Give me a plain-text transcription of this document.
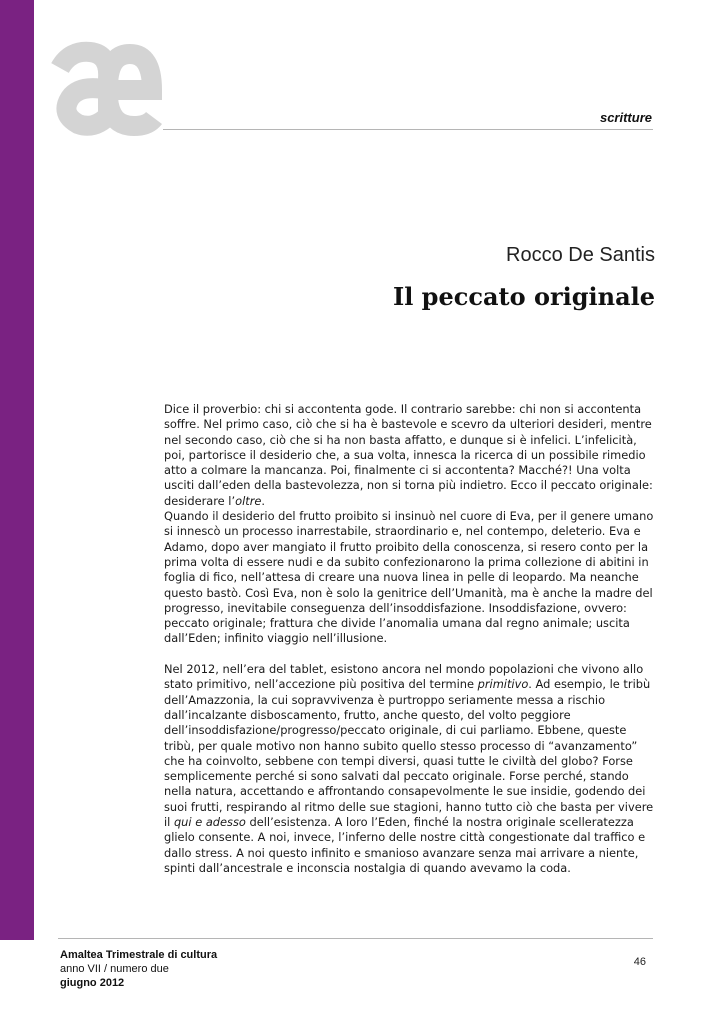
scritture
Rocco De Santis
Il peccato originale

Dice il proverbio: chi si accontenta gode. Il contrario sarebbe: chi non si accontenta soffre. Nel primo caso, ciò che si ha è bastevole e scevro da ulteriori desideri, mentre nel secondo caso, ciò che si ha non basta affatto, e dunque si è infelici. L’infelicità, poi, partorisce il desiderio che, a sua volta, innesca la ricerca di un possibile rimedio atto a colmare la mancanza. Poi, finalmente ci si accontenta? Macché?! Una volta usciti dall’eden della bastevolezza, non si torna più indietro. Ecco il peccato originale: desiderare l’oltre.

Quando il desiderio del frutto proibito si insinuò nel cuore di Eva, per il genere umano si innescò un processo inarrestabile, straordinario e, nel contempo, deleterio. Eva e Adamo, dopo aver mangiato il frutto proibito della conoscenza, si resero conto per la prima volta di essere nudi e da subito confezionarono la prima collezione di abitini in foglia di fico, nell’attesa di creare una nuova linea in pelle di leopardo. Ma neanche questo bastò. Così Eva, non è solo la genitrice dell’Umanità, ma è anche la madre del progresso, inevitabile conseguenza dell’insoddisfazione. Insoddisfazione, ovvero: peccato originale; frattura che divide l’anomalia umana dal regno animale; uscita dall’Eden; infinito viaggio nell’illusione.

Nel 2012, nell’era del tablet, esistono ancora nel mondo popolazioni che vivono allo stato primitivo, nell’accezione più positiva del termine primitivo. Ad esempio, le tribù dell’Amazzonia, la cui sopravvivenza è purtroppo seriamente messa a rischio dall’incalzante disboscamento, frutto, anche questo, del volto peggiore dell’insoddisfazione/progresso/peccato originale, di cui parliamo. Ebbene, queste tribù, per quale motivo non hanno subito quello stesso processo di “avanzamento” che ha coinvolto, sebbene con tempi diversi, quasi tutte le civiltà del globo? Forse semplicemente perché si sono salvati dal peccato originale. Forse perché, stando nella natura, accettando e affrontando consapevolmente le sue insidie, godendo dei suoi frutti, respirando al ritmo delle sue stagioni, hanno tutto ciò che basta per vivere il qui e adesso dell’esistenza. A loro l’Eden, finché la nostra originale scelleratezza glielo consente. A noi, invece, l’inferno delle nostre città congestionate dal traffico e dallo stress. A noi questo infinito e smanioso avanzare senza mai arrivare a niente, spinti dall’ancestrale e inconscia nostalgia di quando avevamo la coda.

Amaltea Trimestrale di cultura
anno VII / numero due
giugno 2012
46
